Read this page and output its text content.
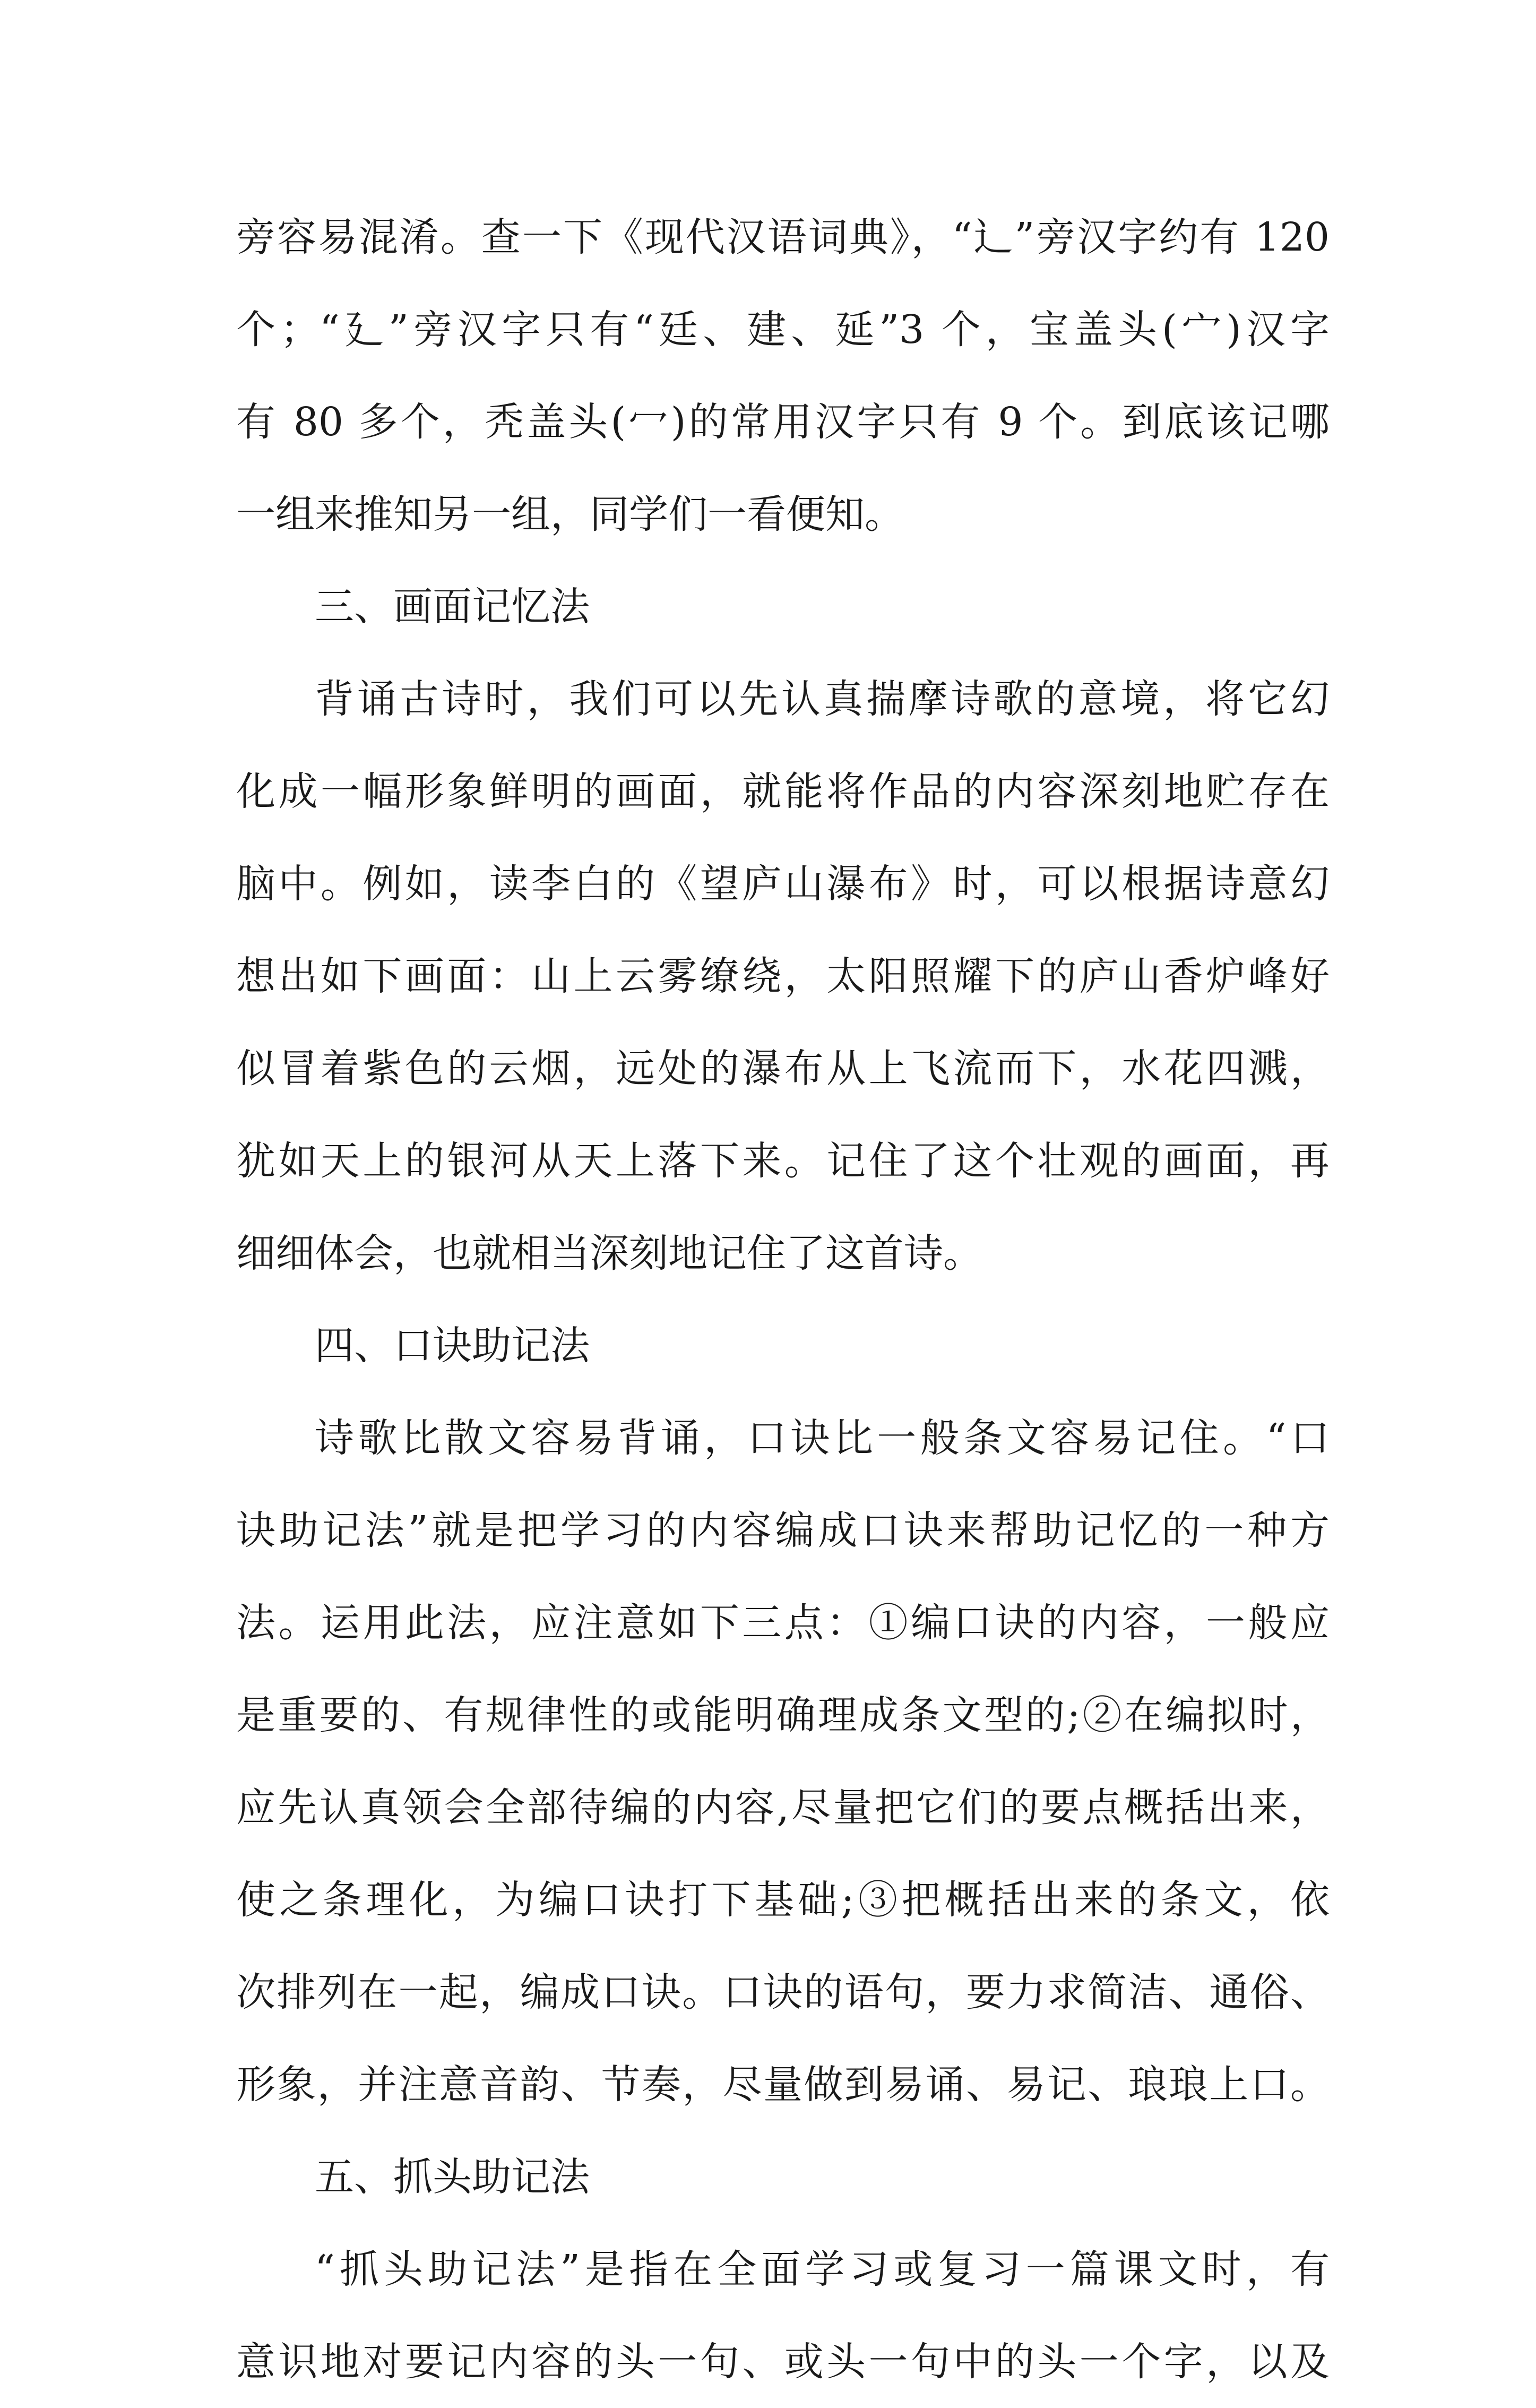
旁容易混淆。查一下《现代汉语词典》，“辶”旁汉字约有 120
个；“廴”旁汉字只有“廷、建、延”3 个，宝盖头(宀)汉字
有 80 多个，秃盖头(冖)的常用汉字只有 9 个。到底该记哪
一组来推知另一组，同学们一看便知。
三、画面记忆法
背诵古诗时，我们可以先认真揣摩诗歌的意境，将它幻
化成一幅形象鲜明的画面，就能将作品的内容深刻地贮存在
脑中。例如，读李白的《望庐山瀑布》时，可以根据诗意幻
想出如下画面：山上云雾缭绕，太阳照耀下的庐山香炉峰好
似冒着紫色的云烟，远处的瀑布从上飞流而下，水花四溅，
犹如天上的银河从天上落下来。记住了这个壮观的画面，再
细细体会，也就相当深刻地记住了这首诗。
四、口诀助记法
诗歌比散文容易背诵，口诀比一般条文容易记住。“口
诀助记法”就是把学习的内容编成口诀来帮助记忆的一种方
法。运用此法，应注意如下三点：①编口诀的内容，一般应
是重要的、有规律性的或能明确理成条文型的;②在编拟时，
应先认真领会全部待编的内容,尽量把它们的要点概括出来，
使之条理化，为编口诀打下基础;③把概括出来的条文，依
次排列在一起，编成口诀。口诀的语句，要力求简洁、通俗、
形象，并注意音韵、节奏，尽量做到易诵、易记、琅琅上口。
五、抓头助记法
“抓头助记法”是指在全面学习或复习一篇课文时，有
意识地对要记内容的头一句、或头一句中的头一个字，以及
